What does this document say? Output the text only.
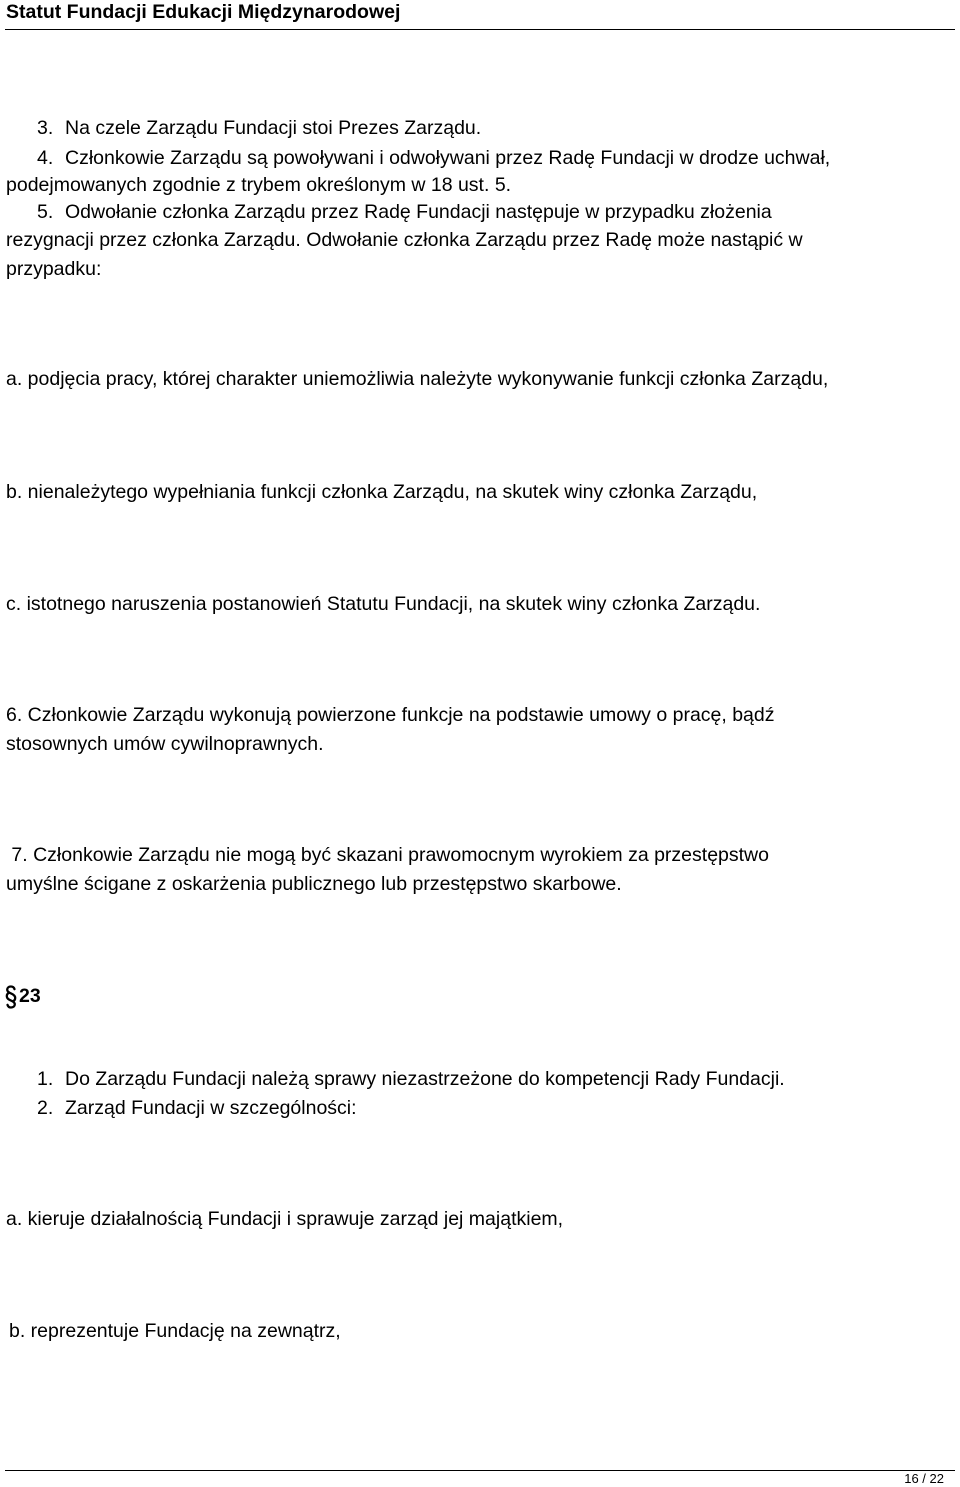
Statut Fundacji Edukacji Międzynarodowej
3. Na czele Zarządu Fundacji stoi Prezes Zarządu.
4. Członkowie Zarządu są powoływani i odwoływani przez Radę Fundacji w drodze uchwał,
podejmowanych zgodnie z trybem określonym w 18 ust. 5.
5. Odwołanie członka Zarządu przez Radę Fundacji następuje w przypadku złożenia
rezygnacji przez członka Zarządu. Odwołanie członka Zarządu przez Radę może nastąpić w
przypadku:
a. podjęcia pracy, której charakter uniemożliwia należyte wykonywanie funkcji członka Zarządu,
b. nienależytego wypełniania funkcji członka Zarządu, na skutek winy członka Zarządu,
c. istotnego naruszenia postanowień Statutu Fundacji, na skutek winy członka Zarządu.
6. Członkowie Zarządu wykonują powierzone funkcje na podstawie umowy o pracę, bądź
stosownych umów cywilnoprawnych.
7. Członkowie Zarządu nie mogą być skazani prawomocnym wyrokiem za przestępstwo
umyślne ścigane z oskarżenia publicznego lub przestępstwo skarbowe.
23
1. Do Zarządu Fundacji należą sprawy niezastrzeżone do kompetencji Rady Fundacji.
2. Zarząd Fundacji w szczególności:
a. kieruje działalnością Fundacji i sprawuje zarząd jej majątkiem,
b. reprezentuje Fundację na zewnątrz,
16 / 22
